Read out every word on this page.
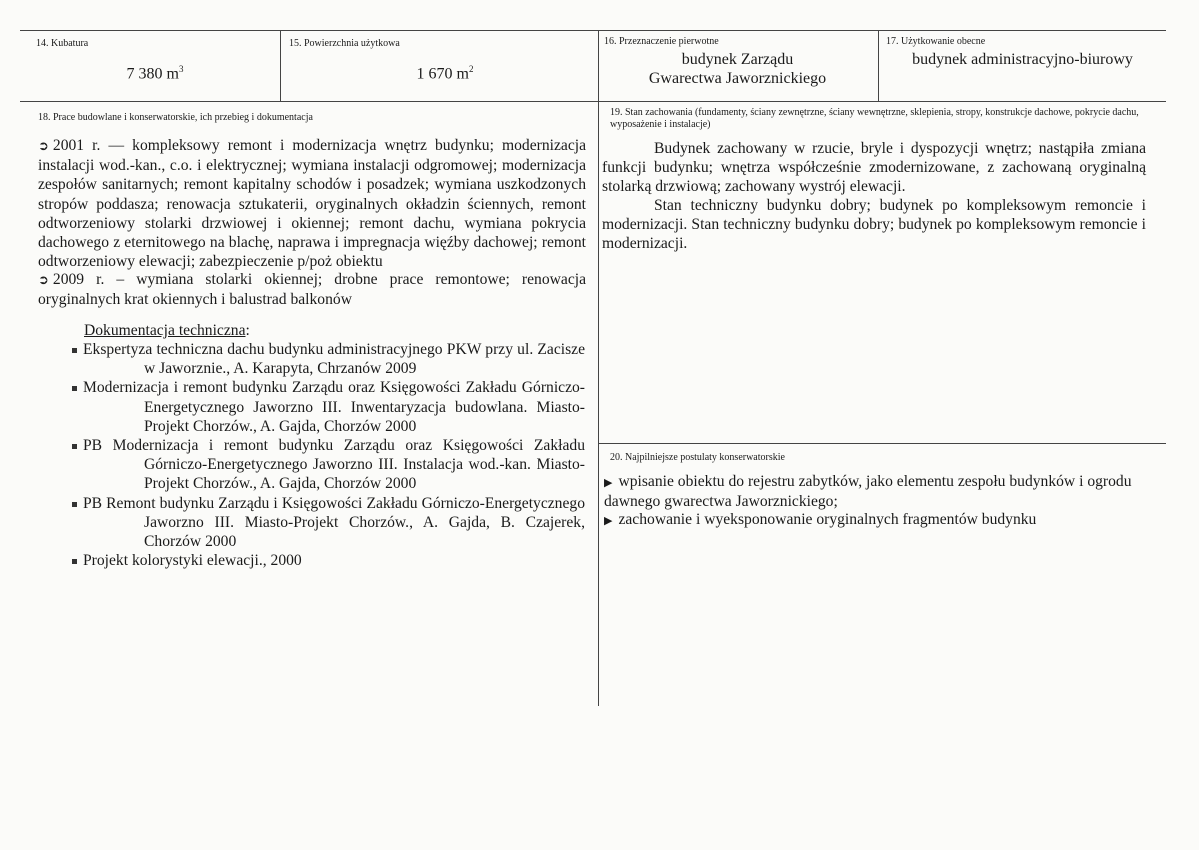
14. Kubatura
7 380 $m^3$
15. Powierzchnia użytkowa
1 670 $m^2$
16. Przeznaczenie pierwotne
budynek Zarządu
Gwarectwa Jaworznickiego
17. Użytkowanie obecne
budynek administracyjno-biurowy
18. Prace budowlane i konserwatorskie, ich przebieg i dokumentacja

➲ 2001 r. — kompleksowy remont i modernizacja wnętrz budynku; modernizacja instalacji wod.-kan., c.o. i elektrycznej; wymiana instalacji odgromowej; modernizacja zespołów sanitarnych; remont kapitalny schodów i posadzek; wymiana uszkodzonych stropów poddasza; renowacja sztukaterii, oryginalnych okładzin ściennych, remont odtworzeniowy stolarki drzwiowej i okiennej; remont dachu, wymiana pokrycia dachowego z eternitowego na blachę, naprawa i impregnacja więźby dachowej; remont odtworzeniowy elewacji; zabezpieczenie p/poż obiektu

➲ 2009 r. – wymiana stolarki okiennej; drobne prace remontowe; renowacja oryginalnych krat okiennych i balustrad balkonów

Dokumentacja techniczna:
Ekspertyza techniczna dachu budynku administracyjnego PKW przy ul. Zacisze w Jaworznie., A. Karapyta, Chrzanów 2009
Modernizacja i remont budynku Zarządu oraz Księgowości Zakładu Górniczo-Energetycznego Jaworzno III. Inwentaryzacja budowlana. Miasto-Projekt Chorzów., A. Gajda, Chorzów 2000
PB Modernizacja i remont budynku Zarządu oraz Księgowości Zakładu Górniczo-Energetycznego Jaworzno III. Instalacja wod.-kan. Miasto-Projekt Chorzów., A. Gajda, Chorzów 2000
PB Remont budynku Zarządu i Księgowości Zakładu Górniczo-Energetycznego Jaworzno III. Miasto-Projekt Chorzów., A. Gajda, B. Czajerek, Chorzów 2000
Projekt kolorystyki elewacji., 2000
19. Stan zachowania (fundamenty, ściany zewnętrzne, ściany wewnętrzne, sklepienia, stropy, konstrukcje dachowe, pokrycie dachu, wyposażenie i instalacje)

Budynek zachowany w rzucie, bryle i dyspozycji wnętrz; nastąpiła zmiana funkcji budynku; wnętrza współcześnie zmodernizowane, z zachowaną oryginalną stolarką drzwiową; zachowany wystrój elewacji.

Stan techniczny budynku dobry; budynek po kompleksowym remoncie i modernizacji. Stan techniczny budynku dobry; budynek po kompleksowym remoncie i modernizacji.

20. Najpilniejsze postulaty konserwatorskie

▶ wpisanie obiektu do rejestru zabytków, jako elementu zespołu budynków i ogrodu dawnego gwarectwa Jaworznickiego;

▶ zachowanie i wyeksponowanie oryginalnych fragmentów budynku
